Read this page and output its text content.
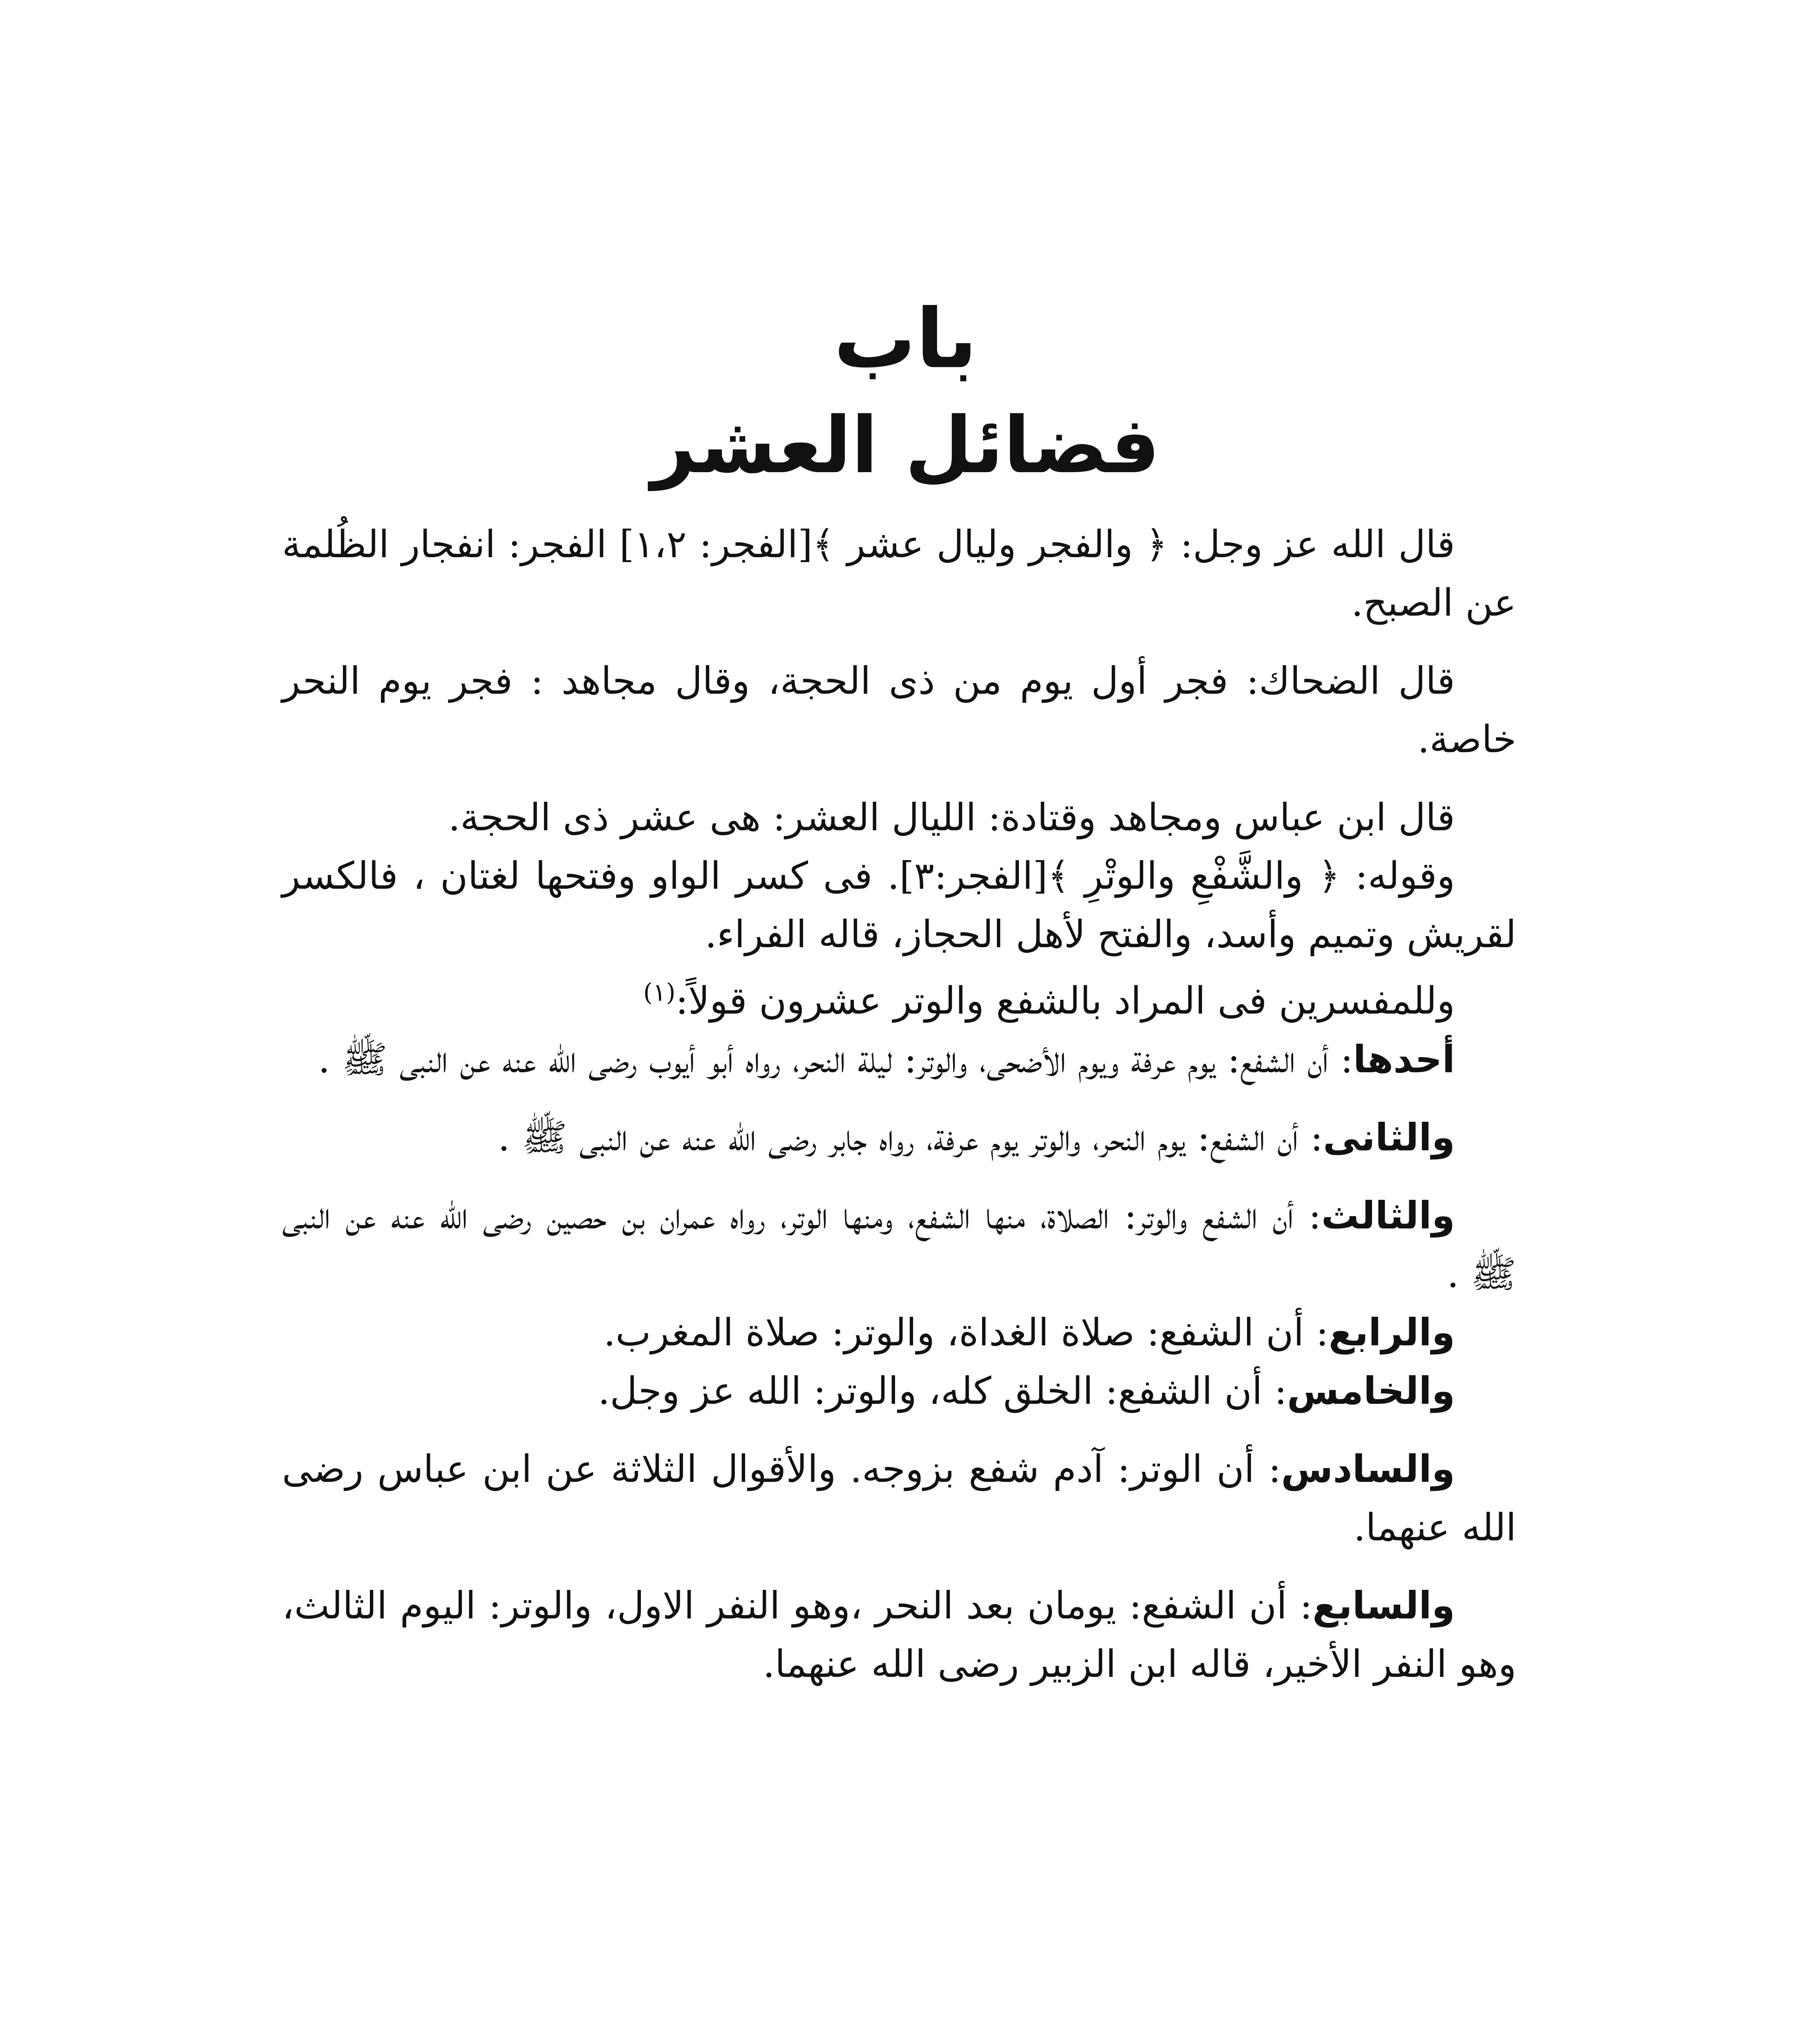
باب
فضائل العشر

قال الله عز وجل: ﴿ والفجر وليال عشر ﴾[الفجر: ١،٢] الفجر: انفجار الظُلمة عن الصبح.

قال الضحاك: فجر أول يوم من ذى الحجة، وقال مجاهد : فجر يوم النحر خاصة.

قال ابن عباس ومجاهد وقتادة: الليال العشر: هى عشر ذى الحجة.

وقوله: ﴿ والشَّفْعِ والوتْرِ ﴾[الفجر:٣]. فى كسر الواو وفتحها لغتان ، فالكسر لقريش وتميم وأسد، والفتح لأهل الحجاز، قاله الفراء.

وللمفسرين فى المراد بالشفع والوتر عشرون قولاً:$^{(١)}$

أحدها: أن الشفع: يوم عرفة ويوم الأضحى، والوتر: ليلة النحر، رواه أبو أيوب رضى الله عنه عن النبى ﷺ .

والثانى: أن الشفع: يوم النحر، والوتر يوم عرفة، رواه جابر رضى الله عنه عن النبى ﷺ .

والثالث: أن الشفع والوتر: الصلاة، منها الشفع، ومنها الوتر، رواه عمران بن حصين رضى الله عنه عن النبى ﷺ .

والرابع: أن الشفع: صلاة الغداة، والوتر: صلاة المغرب.

والخامس: أن الشفع: الخلق كله، والوتر: الله عز وجل.

والسادس: أن الوتر: آدم شفع بزوجه. والأقوال الثلاثة عن ابن عباس رضى الله عنهما.

والسابع: أن الشفع: يومان بعد النحر ،وهو النفر الاول، والوتر: اليوم الثالث، وهو النفر الأخير، قاله ابن الزبير رضى الله عنهما.
